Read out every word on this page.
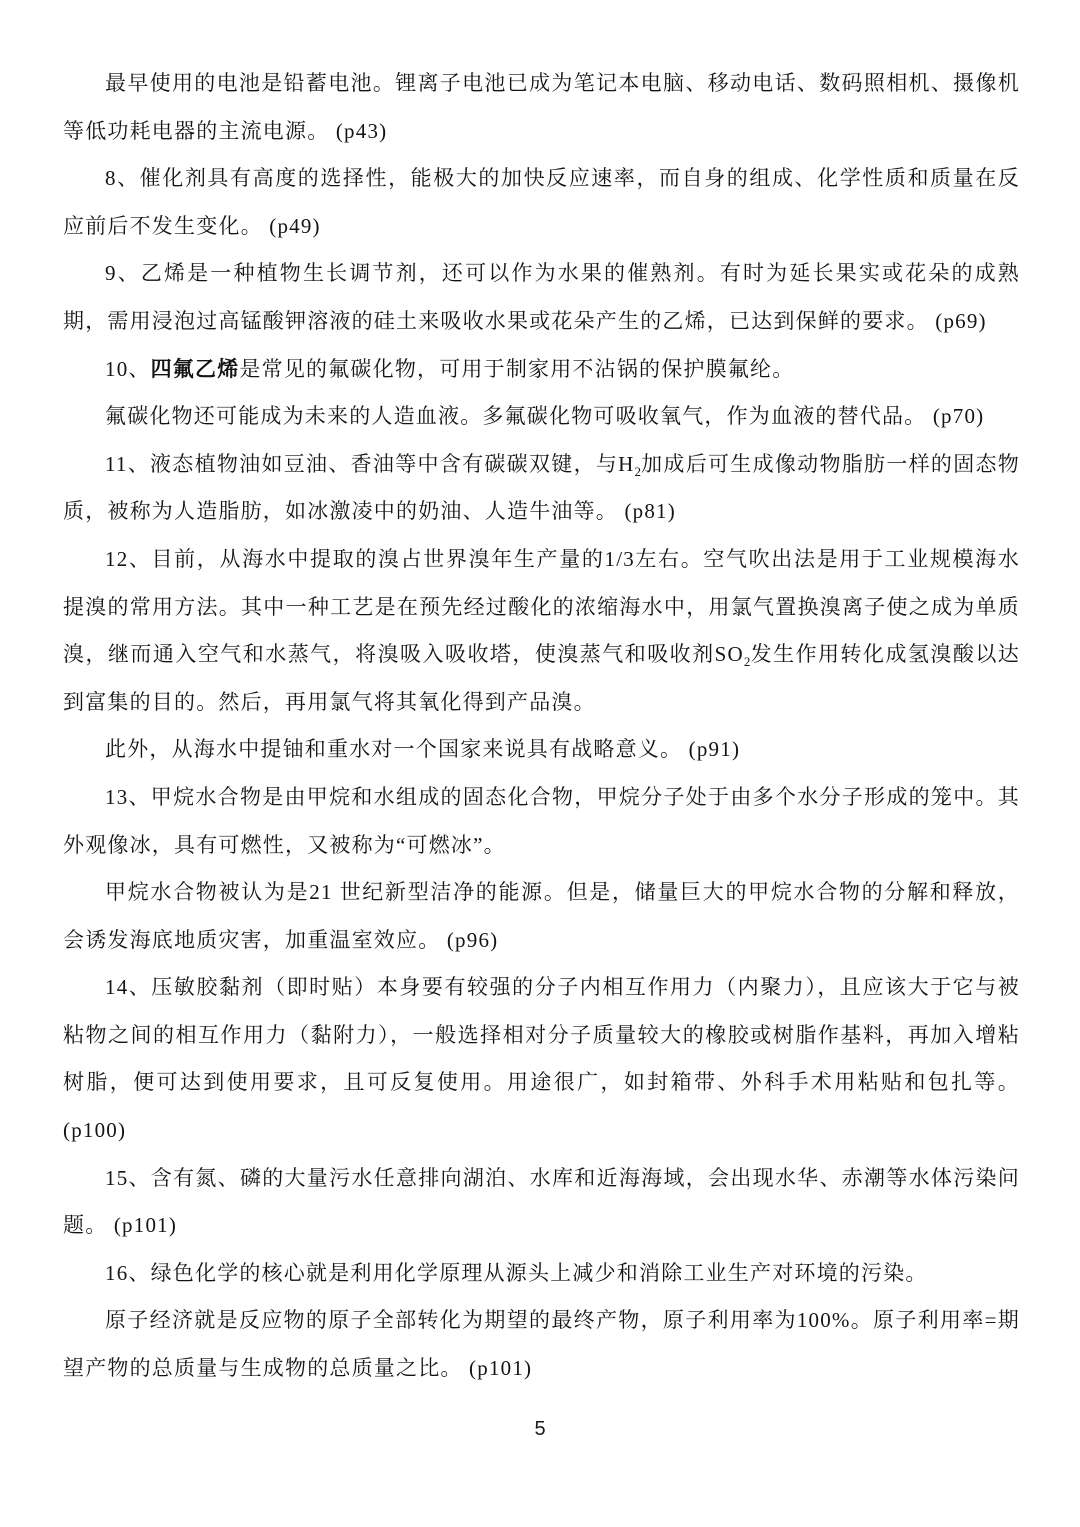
最早使用的电池是铅蓄电池。锂离子电池已成为笔记本电脑、移动电话、数码照相机、摄像机等低功耗电器的主流电源。 (p43)

8、催化剂具有高度的选择性，能极大的加快反应速率，而自身的组成、化学性质和质量在反应前后不发生变化。 (p49)

9、乙烯是一种植物生长调节剂，还可以作为水果的催熟剂。有时为延长果实或花朵的成熟期，需用浸泡过高锰酸钾溶液的硅土来吸收水果或花朵产生的乙烯，已达到保鲜的要求。 (p69)

10、四氟乙烯是常见的氟碳化物，可用于制家用不沾锅的保护膜氟纶。

氟碳化物还可能成为未来的人造血液。多氟碳化物可吸收氧气，作为血液的替代品。 (p70)

11、液态植物油如豆油、香油等中含有碳碳双键，与$H_2$加成后可生成像动物脂肪一样的固态物质，被称为人造脂肪，如冰激凌中的奶油、人造牛油等。 (p81)

12、目前，从海水中提取的溴占世界溴年生产量的1/3左右。空气吹出法是用于工业规模海水提溴的常用方法。其中一种工艺是在预先经过酸化的浓缩海水中，用氯气置换溴离子使之成为单质溴，继而通入空气和水蒸气，将溴吸入吸收塔，使溴蒸气和吸收剂$SO_2$发生作用转化成氢溴酸以达到富集的目的。然后，再用氯气将其氧化得到产品溴。

此外，从海水中提铀和重水对一个国家来说具有战略意义。 (p91)

13、甲烷水合物是由甲烷和水组成的固态化合物，甲烷分子处于由多个水分子形成的笼中。其外观像冰，具有可燃性，又被称为“可燃冰”。

甲烷水合物被认为是21 世纪新型洁净的能源。但是，储量巨大的甲烷水合物的分解和释放，会诱发海底地质灾害，加重温室效应。 (p96)

14、压敏胶黏剂（即时贴）本身要有较强的分子内相互作用力（内聚力），且应该大于它与被粘物之间的相互作用力（黏附力），一般选择相对分子质量较大的橡胶或树脂作基料，再加入增粘树脂，便可达到使用要求，且可反复使用。用途很广，如封箱带、外科手术用粘贴和包扎等。 (p100)

15、含有氮、磷的大量污水任意排向湖泊、水库和近海海域，会出现水华、赤潮等水体污染问题。 (p101)

16、绿色化学的核心就是利用化学原理从源头上减少和消除工业生产对环境的污染。

原子经济就是反应物的原子全部转化为期望的最终产物，原子利用率为100%。原子利用率=期望产物的总质量与生成物的总质量之比。 (p101)

5
